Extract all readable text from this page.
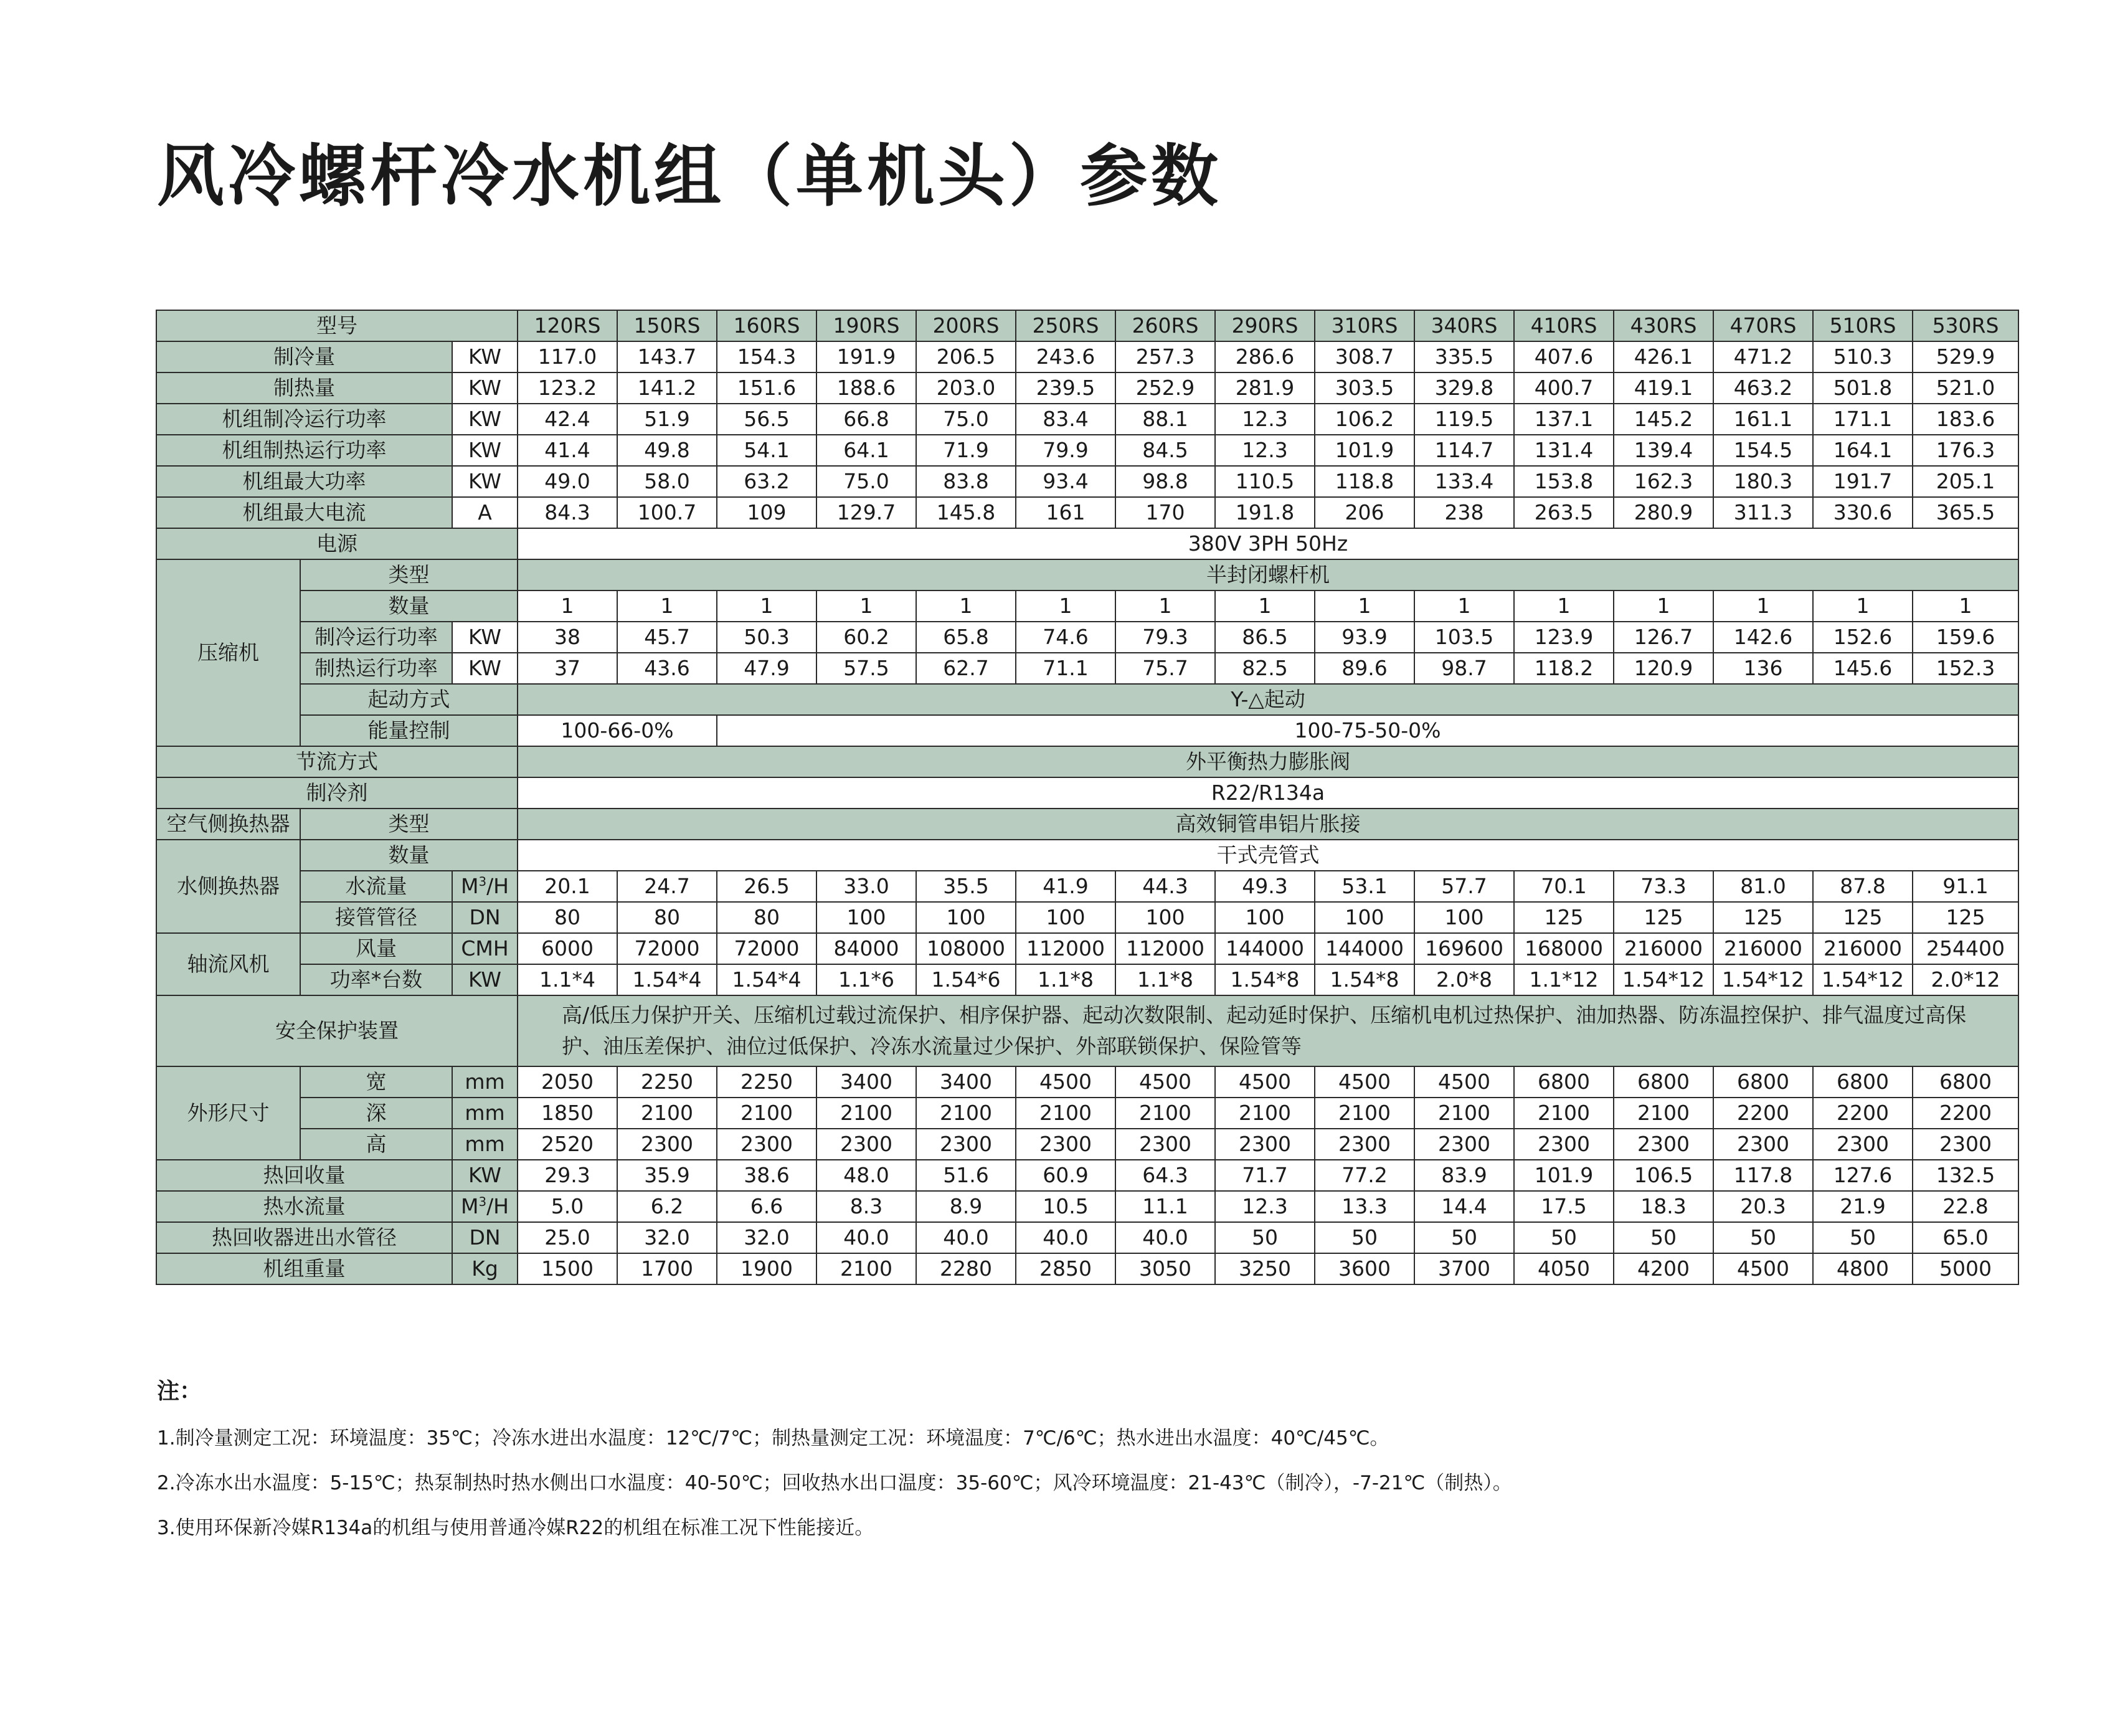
风冷螺杆冷水机组（单机头）参数
型号			120RS	150RS	160RS	190RS	200RS	250RS	260RS	290RS	310RS	340RS	410RS	430RS	470RS	510RS	530RS
制冷量		KW	117.0	143.7	154.3	191.9	206.5	243.6	257.3	286.6	308.7	335.5	407.6	426.1	471.2	510.3	529.9
制热量		KW	123.2	141.2	151.6	188.6	203.0	239.5	252.9	281.9	303.5	329.8	400.7	419.1	463.2	501.8	521.0
机组制冷运行功率		KW	42.4	51.9	56.5	66.8	75.0	83.4	88.1	12.3	106.2	119.5	137.1	145.2	161.1	171.1	183.6
机组制热运行功率		KW	41.4	49.8	54.1	64.1	71.9	79.9	84.5	12.3	101.9	114.7	131.4	139.4	154.5	164.1	176.3
机组最大功率		KW	49.0	58.0	63.2	75.0	83.8	93.4	98.8	110.5	118.8	133.4	153.8	162.3	180.3	191.7	205.1
机组最大电流		A	84.3	100.7	109	129.7	145.8	161	170	191.8	206	238	263.5	280.9	311.3	330.6	365.5
电源			380V 3PH 50Hz														
压缩机	类型		半封闭螺杆机														
	数量		1	1	1	1	1	1	1	1	1	1	1	1	1	1	1
	制冷运行功率	KW	38	45.7	50.3	60.2	65.8	74.6	79.3	86.5	93.9	103.5	123.9	126.7	142.6	152.6	159.6
	制热运行功率	KW	37	43.6	47.9	57.5	62.7	71.1	75.7	82.5	89.6	98.7	118.2	120.9	136	145.6	152.3
	起动方式		Y-△起动														
	能量控制		100-66-0%		100-75-50-0%												
节流方式			外平衡热力膨胀阀														
制冷剂			R22/R134a														
空气侧换热器	类型		高效铜管串铝片胀接														
水侧换热器	数量		干式壳管式														
	水流量	$M^3/H$	20.1	24.7	26.5	33.0	35.5	41.9	44.3	49.3	53.1	57.7	70.1	73.3	81.0	87.8	91.1
	接管管径	DN	80	80	80	100	100	100	100	100	100	100	125	125	125	125	125
轴流风机	风量	CMH	6000	72000	72000	84000	108000	112000	112000	144000	144000	169600	168000	216000	216000	216000	254400
	功率*台数	KW	1.1*4	1.54*4	1.54*4	1.1*6	1.54*6	1.1*8	1.1*8	1.54*8	1.54*8	2.0*8	1.1*12	1.54*12	1.54*12	1.54*12	2.0*12
安全保护装置			高/低压力保护开关、压缩机过载过流保护、相序保护器、起动次数限制、起动延时保护、压缩机电机过热保护、油加热器、防冻温控保护、排气温度过高保护、油压差保护、油位过低保护、冷冻水流量过少保护、外部联锁保护、保险管等														
外形尺寸	宽	mm	2050	2250	2250	3400	3400	4500	4500	4500	4500	4500	6800	6800	6800	6800	6800
	深	mm	1850	2100	2100	2100	2100	2100	2100	2100	2100	2100	2100	2100	2200	2200	2200
	高	mm	2520	2300	2300	2300	2300	2300	2300	2300	2300	2300	2300	2300	2300	2300	2300
热回收量		KW	29.3	35.9	38.6	48.0	51.6	60.9	64.3	71.7	77.2	83.9	101.9	106.5	117.8	127.6	132.5
热水流量		$M^3/H$	5.0	6.2	6.6	8.3	8.9	10.5	11.1	12.3	13.3	14.4	17.5	18.3	20.3	21.9	22.8
热回收器进出水管径		DN	25.0	32.0	32.0	40.0	40.0	40.0	40.0	50	50	50	50	50	50	50	65.0
机组重量		Kg	1500	1700	1900	2100	2280	2850	3050	3250	3600	3700	4050	4200	4500	4800	5000
注：
1.制冷量测定工况：环境温度：35℃；冷冻水进出水温度：12℃/7℃；制热量测定工况：环境温度：7℃/6℃；热水进出水温度：40℃/45℃。
2.冷冻水出水温度：5-15℃；热泵制热时热水侧出口水温度：40-50℃；回收热水出口温度：35-60℃；风冷环境温度：21-43℃（制冷），-7-21℃（制热）。
3.使用环保新冷媒R134a的机组与使用普通冷媒R22的机组在标准工况下性能接近。
